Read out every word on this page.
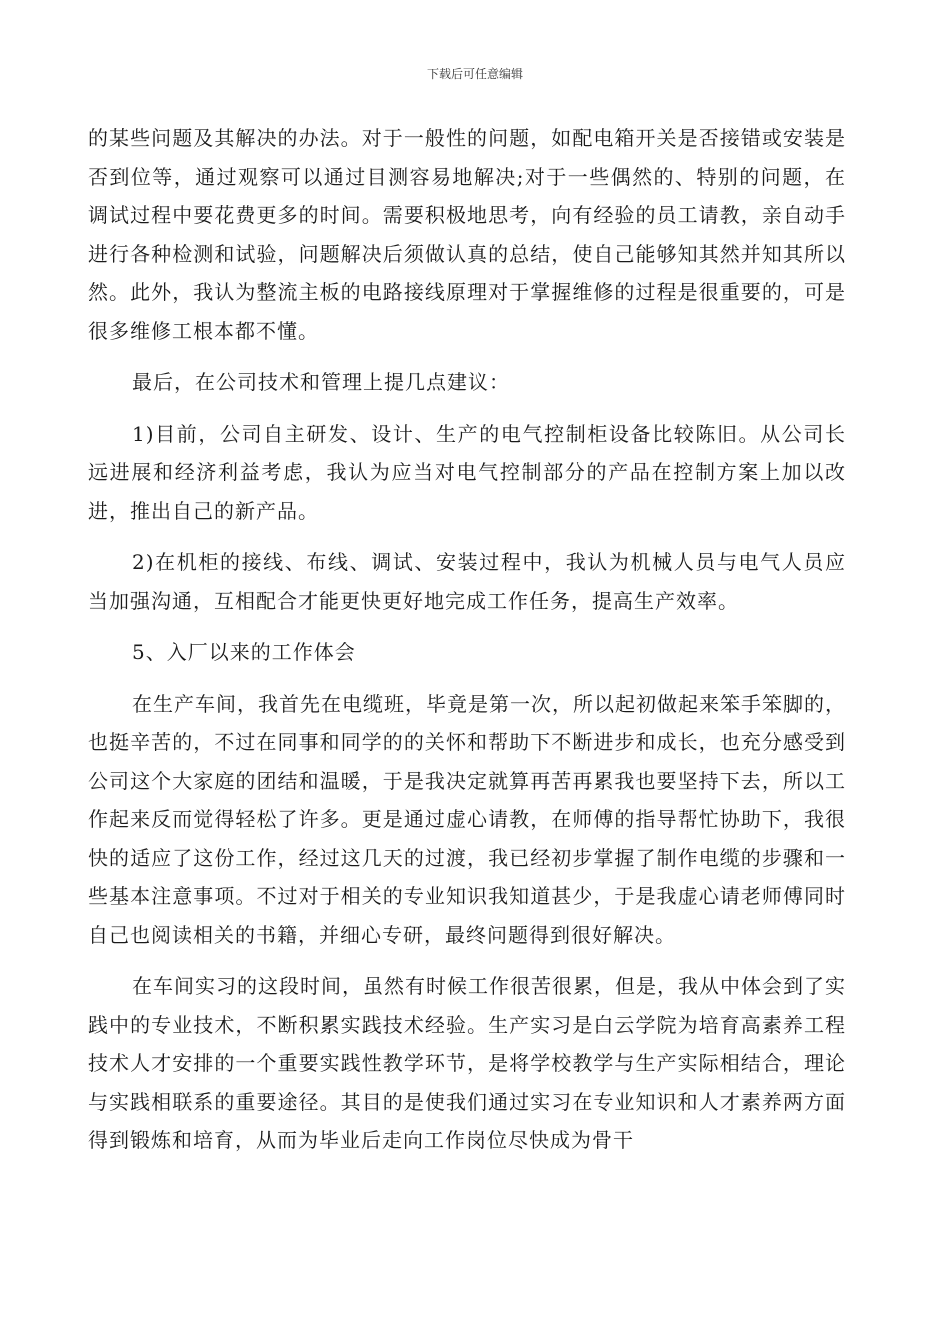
下载后可任意编辑

的某些问题及其解决的办法。对于一般性的问题，如配电箱开关是否接错或安装是否到位等，通过观察可以通过目测容易地解决;对于一些偶然的、特别的问题，在调试过程中要花费更多的时间。需要积极地思考，向有经验的员工请教，亲自动手进行各种检测和试验，问题解决后须做认真的总结，使自己能够知其然并知其所以然。此外，我认为整流主板的电路接线原理对于掌握维修的过程是很重要的，可是很多维修工根本都不懂。

最后，在公司技术和管理上提几点建议：

1)目前，公司自主研发、设计、生产的电气控制柜设备比较陈旧。从公司长远进展和经济利益考虑，我认为应当对电气控制部分的产品在控制方案上加以改进，推出自己的新产品。

2)在机柜的接线、布线、调试、安装过程中，我认为机械人员与电气人员应当加强沟通，互相配合才能更快更好地完成工作任务，提高生产效率。

5、入厂以来的工作体会

在生产车间，我首先在电缆班，毕竟是第一次，所以起初做起来笨手笨脚的，也挺辛苦的，不过在同事和同学的的关怀和帮助下不断进步和成长，也充分感受到公司这个大家庭的团结和温暖，于是我决定就算再苦再累我也要坚持下去，所以工作起来反而觉得轻松了许多。更是通过虚心请教，在师傅的指导帮忙协助下，我很快的适应了这份工作，经过这几天的过渡，我已经初步掌握了制作电缆的步骤和一些基本注意事项。不过对于相关的专业知识我知道甚少，于是我虚心请老师傅同时自己也阅读相关的书籍，并细心专研，最终问题得到很好解决。

在车间实习的这段时间，虽然有时候工作很苦很累，但是，我从中体会到了实践中的专业技术，不断积累实践技术经验。生产实习是白云学院为培育高素养工程技术人才安排的一个重要实践性教学环节，是将学校教学与生产实际相结合，理论与实践相联系的重要途径。其目的是使我们通过实习在专业知识和人才素养两方面得到锻炼和培育，从而为毕业后走向工作岗位尽快成为骨干
